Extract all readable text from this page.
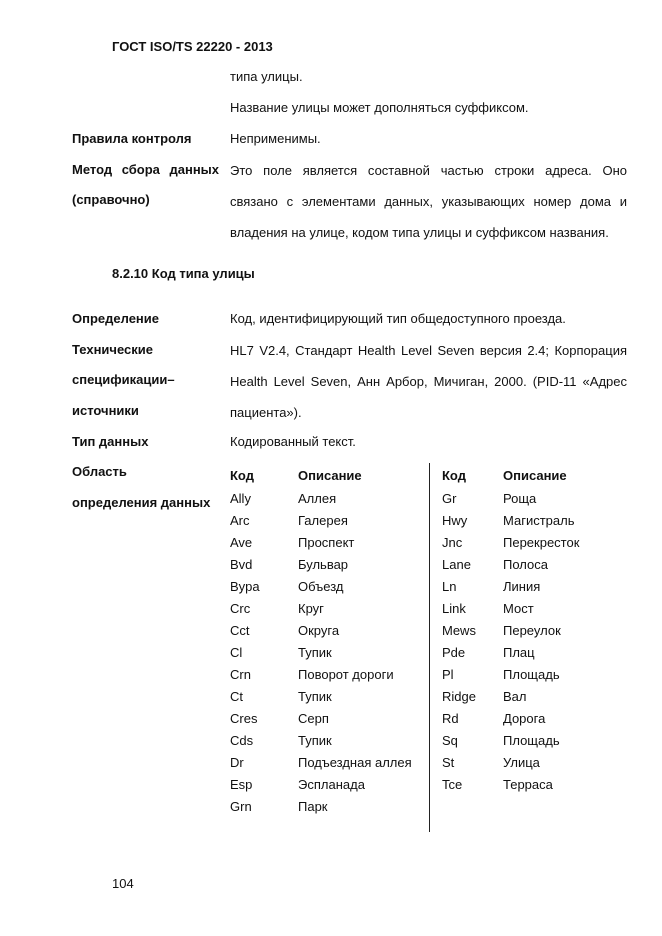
ГОСТ ISO/TS 22220 - 2013
типа улицы.
Название улицы может дополняться суффиксом.
Правила контроля	Неприменимы.
Метод сбора данных
(справочно)
Это поле является составной частью строки адреса. Оно связано с элементами данных, указывающих номер дома и владения на улице, кодом типа улицы и суффиксом названия.
8.2.10 Код типа улицы
Определение	Код, идентифицирующий тип общедоступного проезда.
Технические
спецификации–
источники
HL7 V2.4, Стандарт Health Level Seven версия 2.4; Корпорация Health Level Seven, Анн Арбор, Мичиган, 2000. (PID-11 «Адрес пациента»).
Тип данных	Кодированный текст.
Область
определения данных
Код	Описание
Ally	Аллея
Arc	Галерея
Ave	Проспект
Bvd	Бульвар
Bypa	Объезд
Crc	Круг
Cct	Округа
Cl	Тупик
Crn	Поворот дороги
Ct	Тупик
Cres	Серп
Cds	Тупик
Dr	Подъездная аллея
Esp	Эспланада
Grn	Парк
Код	Описание
Gr	Роща
Hwy	Магистраль
Jnc	Перекресток
Lane	Полоса
Ln	Линия
Link	Мост
Mews	Переулок
Pde	Плац
Pl	Площадь
Ridge	Вал
Rd	Дорога
Sq	Площадь
St	Улица
Tce	Терраса
104
